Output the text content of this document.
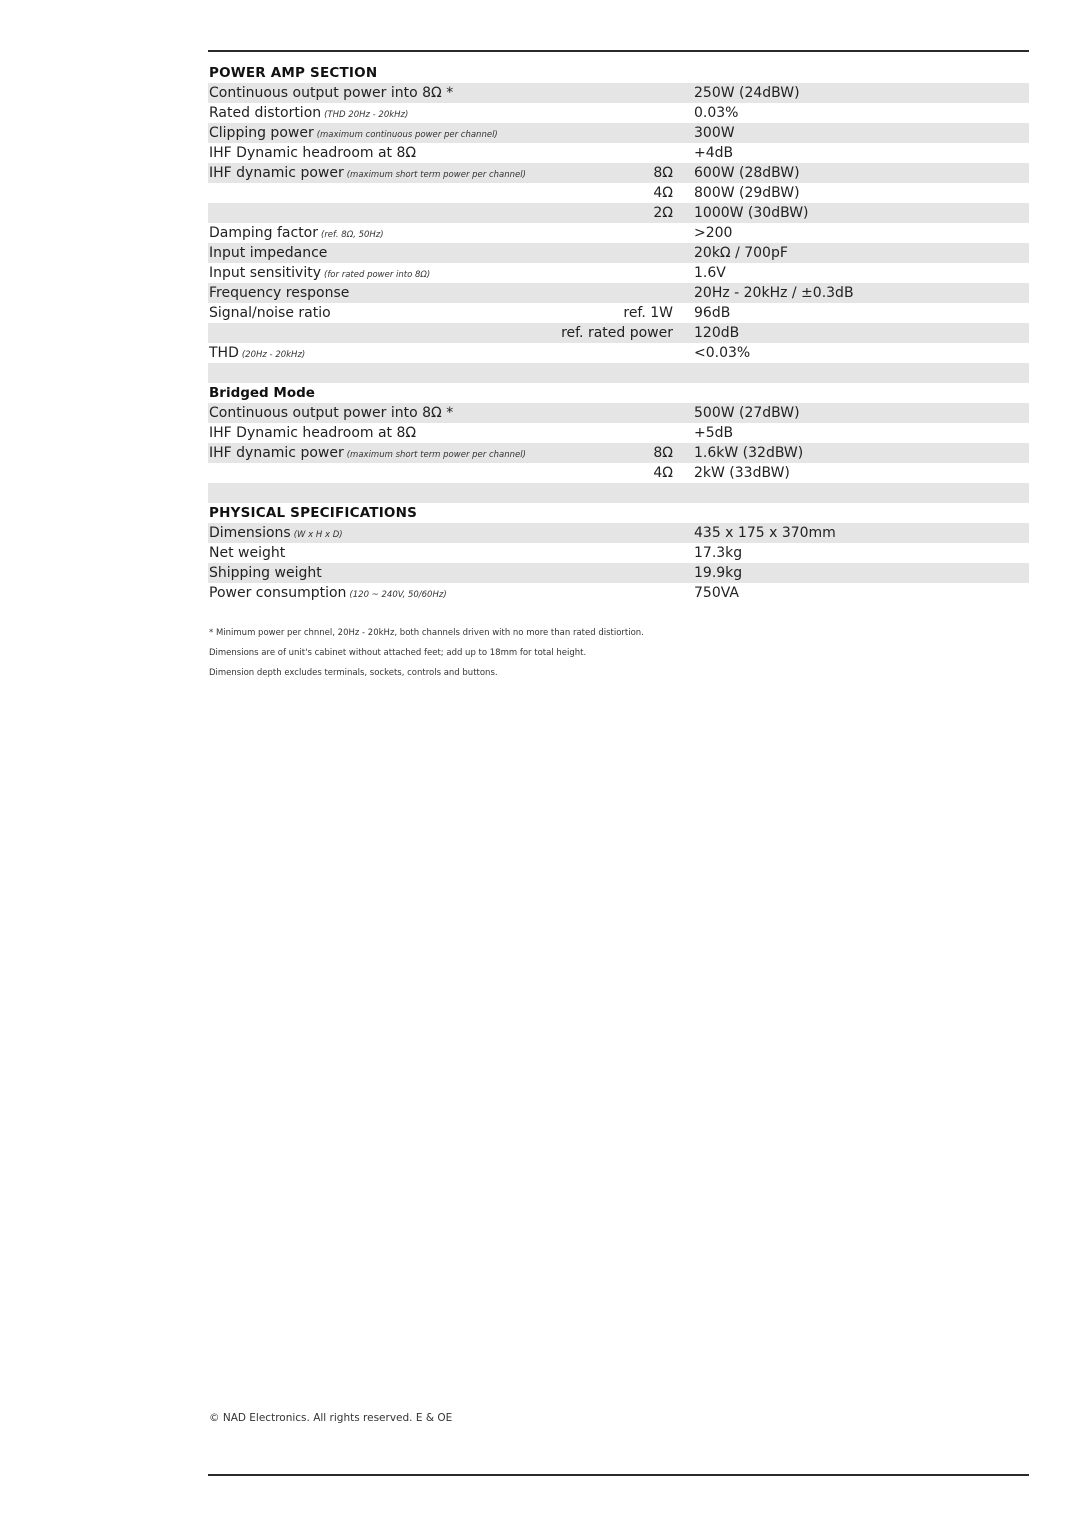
POWER AMP SECTION
Continuous output power into 8Ω *	250W (24dBW)
Rated distortion (THD 20Hz - 20kHz)	0.03%
Clipping power (maximum continuous power per channel)	300W
IHF Dynamic headroom at 8Ω	+4dB
IHF dynamic power (maximum short term power per channel)	8Ω 600W (28dBW)
4Ω 800W (29dBW)
2Ω 1000W (30dBW)
Damping factor (ref. 8Ω, 50Hz)	>200
Input impedance	20kΩ / 700pF
Input sensitivity (for rated power into 8Ω)	1.6V
Frequency response	20Hz - 20kHz / ±0.3dB
Signal/noise ratio	ref. 1W 96dB
ref. rated power 120dB
THD (20Hz - 20kHz)	<0.03%
Bridged Mode
Continuous output power into 8Ω *	500W (27dBW)
IHF Dynamic headroom at 8Ω	+5dB
IHF dynamic power (maximum short term power per channel)	8Ω 1.6kW (32dBW)
4Ω 2kW (33dBW)
PHYSICAL SPECIFICATIONS
Dimensions (W x H x D)	435 x 175 x 370mm
Net weight	17.3kg
Shipping weight	19.9kg
Power consumption (120 ~ 240V, 50/60Hz)	750VA
* Minimum power per chnnel, 20Hz - 20kHz, both channels driven with no more than rated distiortion.
Dimensions are of unit's cabinet without attached feet; add up to 18mm for total height.
Dimension depth excludes terminals, sockets, controls and buttons.
© NAD Electronics. All rights reserved. E & OE
